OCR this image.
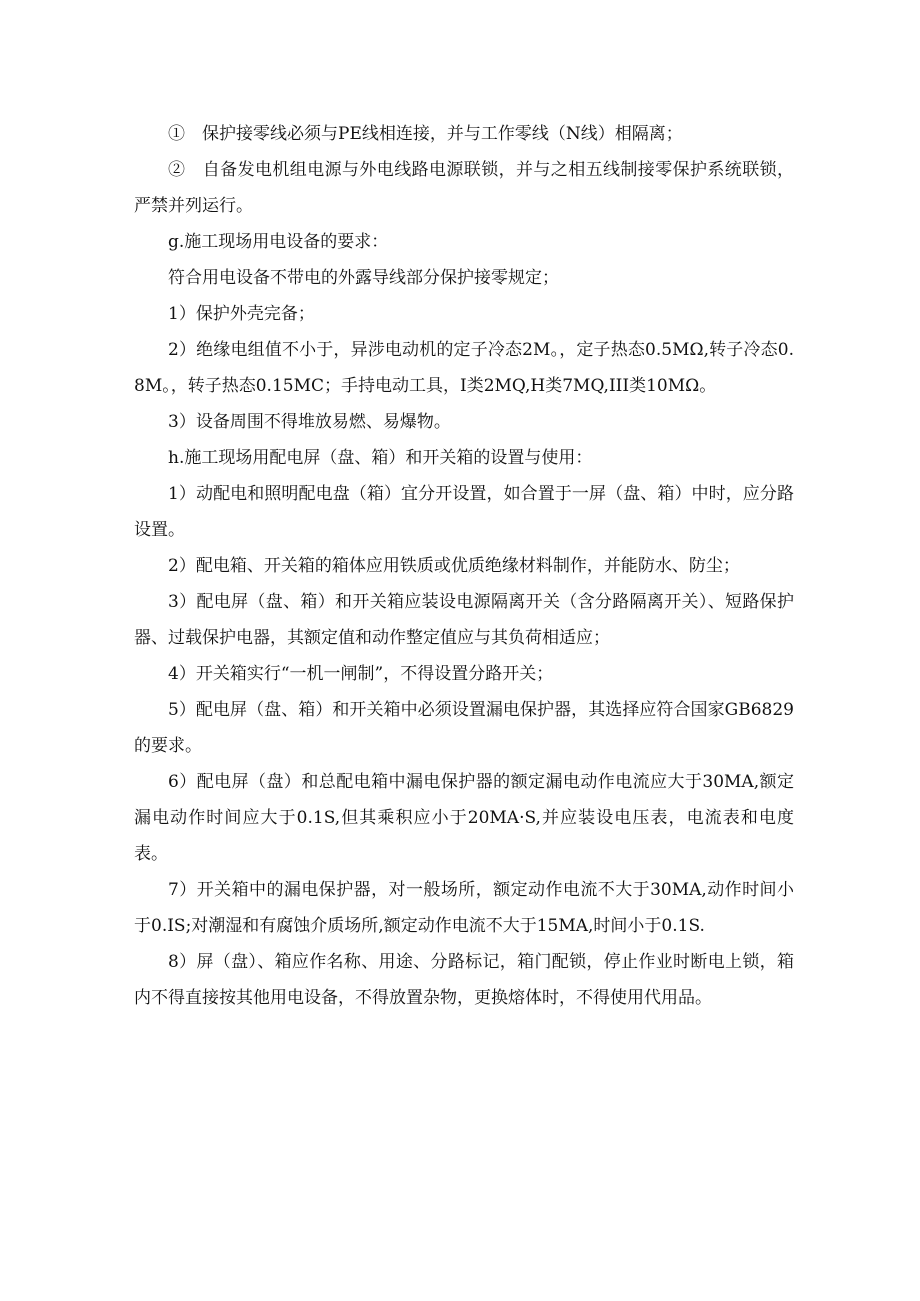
①　保护接零线必须与PE线相连接，并与工作零线（N线）相隔离；

②　自备发电机组电源与外电线路电源联锁，并与之相五线制接零保护系统联锁，严禁并列运行。

g.施工现场用电设备的要求：

符合用电设备不带电的外露导线部分保护接零规定；

1）保护外壳完备；

2）绝缘电组值不小于，异涉电动机的定子冷态2M。，定子热态0.5MΩ,转子冷态0.8M。，转子热态0.15MC；手持电动工具，I类2MQ,H类7MQ,III类10MΩ。

3）设备周围不得堆放易燃、易爆物。

h.施工现场用配电屏（盘、箱）和开关箱的设置与使用：

1）动配电和照明配电盘（箱）宜分开设置，如合置于一屏（盘、箱）中时，应分路设置。

2）配电箱、开关箱的箱体应用铁质或优质绝缘材料制作，并能防水、防尘；

3）配电屏（盘、箱）和开关箱应装设电源隔离开关（含分路隔离开关）、短路保护器、过载保护电器，其额定值和动作整定值应与其负荷相适应；

4）开关箱实行“一机一闸制”，不得设置分路开关；

5）配电屏（盘、箱）和开关箱中必须设置漏电保护器，其选择应符合国家GB6829的要求。

6）配电屏（盘）和总配电箱中漏电保护器的额定漏电动作电流应大于30MA,额定漏电动作时间应大于0.1S,但其乘积应小于20MA·S,并应装设电压表，电流表和电度表。

7）开关箱中的漏电保护器，对一般场所，额定动作电流不大于30MA,动作时间小于0.IS;对潮湿和有腐蚀介质场所,额定动作电流不大于15MA,时间小于0.1S.

8）屏（盘）、箱应作名称、用途、分路标记，箱门配锁，停止作业时断电上锁，箱内不得直接按其他用电设备，不得放置杂物，更换熔体时，不得使用代用品。
